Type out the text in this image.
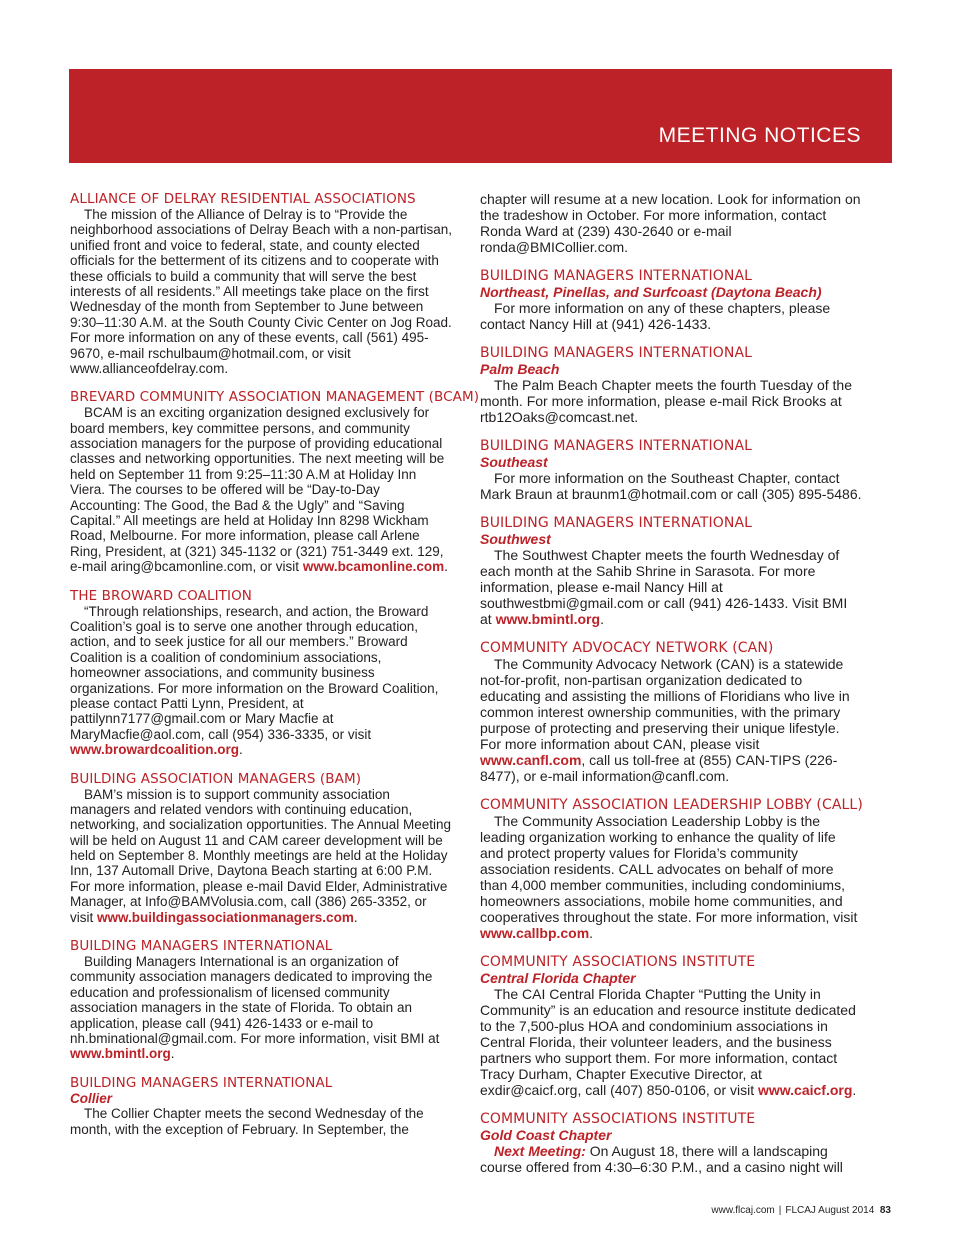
MEETING NOTICES
ALLIANCE OF DELRAY RESIDENTIAL ASSOCIATIONS
The mission of the Alliance of Delray is to “Provide the neighborhood associations of Delray Beach with a non-partisan, unified front and voice to federal, state, and county elected officials for the betterment of its citizens and to cooperate with these officials to build a community that will serve the best interests of all residents.” All meetings take place on the first Wednesday of the month from September to June between 9:30–11:30 A.M. at the South County Civic Center on Jog Road. For more information on any of these events, call (561) 495-9670, e-mail rschulbaum@hotmail.com, or visit www.allianceofdelray.com.
BREVARD COMMUNITY ASSOCIATION MANAGEMENT (BCAM)
BCAM is an exciting organization designed exclusively for board members, key committee persons, and community association managers for the purpose of providing educational classes and networking opportunities. The next meeting will be held on September 11 from 9:25–11:30 A.M at Holiday Inn Viera. The courses to be offered will be “Day-to-Day Accounting: The Good, the Bad & the Ugly” and “Saving Capital.” All meetings are held at Holiday Inn 8298 Wickham Road, Melbourne. For more information, please call Arlene Ring, President, at (321) 345-1132 or (321) 751-3449 ext. 129, e-mail aring@bcamonline.com, or visit www.bcamonline.com.
THE BROWARD COALITION
“Through relationships, research, and action, the Broward Coalition’s goal is to serve one another through education, action, and to seek justice for all our members.” Broward Coalition is a coalition of condominium associations, homeowner associations, and community business organizations. For more information on the Broward Coalition, please contact Patti Lynn, President, at pattilynn7177@gmail.com or Mary Macfie at MaryMacfie@aol.com, call (954) 336-3335, or visit www.browardcoalition.org.
BUILDING ASSOCIATION MANAGERS (BAM)
BAM’s mission is to support community association managers and related vendors with continuing education, networking, and socialization opportunities. The Annual Meeting will be held on August 11 and CAM career development will be held on September 8. Monthly meetings are held at the Holiday Inn, 137 Automall Drive, Daytona Beach starting at 6:00 P.M. For more information, please e-mail David Elder, Administrative Manager, at Info@BAMVolusia.com, call (386) 265-3352, or visit www.buildingassociationmanagers.com.
BUILDING MANAGERS INTERNATIONAL
Building Managers International is an organization of community association managers dedicated to improving the education and professionalism of licensed community association managers in the state of Florida. To obtain an application, please call (941) 426-1433 or e-mail to nh.bminational@gmail.com. For more information, visit BMI at www.bmintl.org.
BUILDING MANAGERS INTERNATIONAL
Collier
The Collier Chapter meets the second Wednesday of the month, with the exception of February. In September, the
chapter will resume at a new location. Look for information on the tradeshow in October. For more information, contact Ronda Ward at (239) 430-2640 or e-mail ronda@BMICollier.com.
BUILDING MANAGERS INTERNATIONAL
Northeast, Pinellas, and Surfcoast (Daytona Beach)
For more information on any of these chapters, please contact Nancy Hill at (941) 426-1433.
BUILDING MANAGERS INTERNATIONAL
Palm Beach
The Palm Beach Chapter meets the fourth Tuesday of the month. For more information, please e-mail Rick Brooks at rtb12Oaks@comcast.net.
BUILDING MANAGERS INTERNATIONAL
Southeast
For more information on the Southeast Chapter, contact Mark Braun at braunm1@hotmail.com or call (305) 895-5486.
BUILDING MANAGERS INTERNATIONAL
Southwest
The Southwest Chapter meets the fourth Wednesday of each month at the Sahib Shrine in Sarasota. For more information, please e-mail Nancy Hill at southwestbmi@gmail.com or call (941) 426-1433. Visit BMI at www.bmintl.org.
COMMUNITY ADVOCACY NETWORK (CAN)
The Community Advocacy Network (CAN) is a statewide not-for-profit, non-partisan organization dedicated to educating and assisting the millions of Floridians who live in common interest ownership communities, with the primary purpose of protecting and preserving their unique lifestyle. For more information about CAN, please visit www.canfl.com, call us toll-free at (855) CAN-TIPS (226-8477), or e-mail information@canfl.com.
COMMUNITY ASSOCIATION LEADERSHIP LOBBY (CALL)
The Community Association Leadership Lobby is the leading organization working to enhance the quality of life and protect property values for Florida’s community association residents. CALL advocates on behalf of more than 4,000 member communities, including condominiums, homeowners associations, mobile home communities, and cooperatives throughout the state. For more information, visit www.callbp.com.
COMMUNITY ASSOCIATIONS INSTITUTE
Central Florida Chapter
The CAI Central Florida Chapter “Putting the Unity in Community” is an education and resource institute dedicated to the 7,500-plus HOA and condominium associations in Central Florida, their volunteer leaders, and the business partners who support them. For more information, contact Tracy Durham, Chapter Executive Director, at exdir@caicf.org, call (407) 850-0106, or visit www.caicf.org.
COMMUNITY ASSOCIATIONS INSTITUTE
Gold Coast Chapter
Next Meeting: On August 18, there will a landscaping course offered from 4:30–6:30 P.M., and a casino night will
www.flcaj.com | FLCAJ August 2014 83
